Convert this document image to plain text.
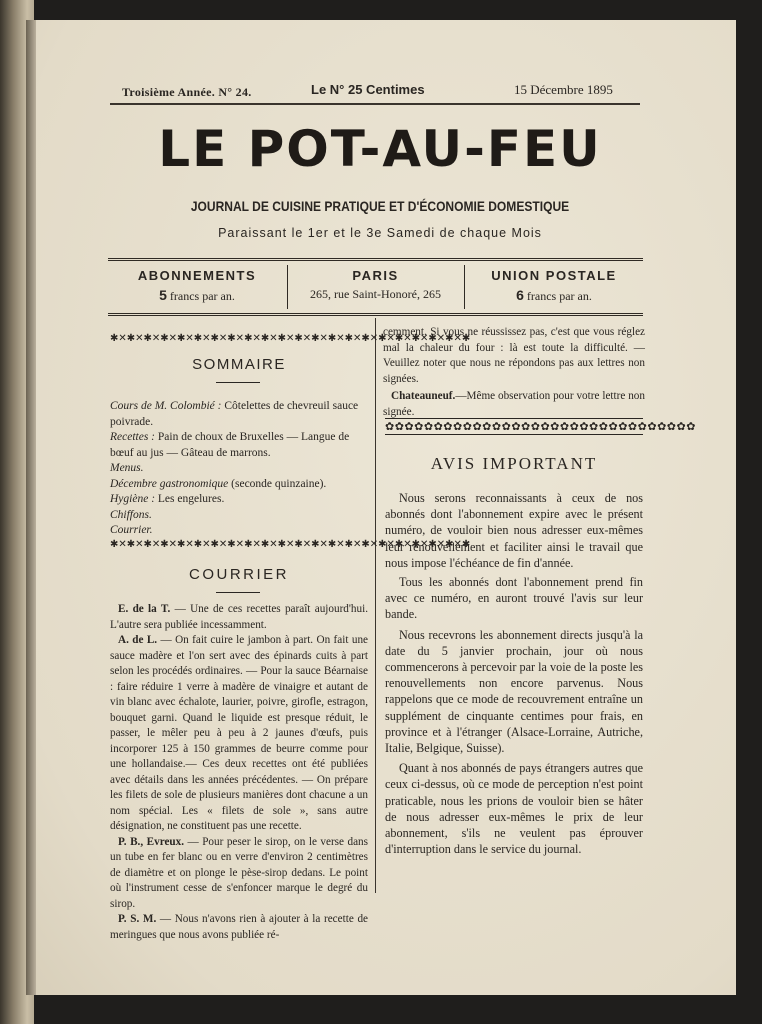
Troisième Année. N° 24.	Le N° 25 Centimes	15 Décembre 1895
LE POT-AU-FEU
JOURNAL DE CUISINE PRATIQUE ET D'ÉCONOMIE DOMESTIQUE
Paraissant le 1er et le 3e Samedi de chaque Mois
ABONNEMENTS
5 francs par an.
PARIS
265, rue Saint-Honoré, 265
UNION POSTALE
6 francs par an.
✱✕✱✕✱✕✱✕✱✕✱✕✱✕✱✕✱✕✱✕✱✕✱✕✱✕✱✕✱✕✱✕✱✕✱✕✱✕✱✕✱✕✱
SOMMAIRE

Cours de M. Colombié : Côtelettes de chevreuil sauce poivrade.

Recettes : Pain de choux de Bruxelles — Langue de bœuf au jus — Gâteau de marrons.

Menus.

Décembre gastronomique (seconde quinzaine).

Hygiène : Les engelures.

Chiffons.

Courrier.

✱✕✱✕✱✕✱✕✱✕✱✕✱✕✱✕✱✕✱✕✱✕✱✕✱✕✱✕✱✕✱✕✱✕✱✕✱✕✱✕✱✕✱
COURRIER

E. de la T. — Une de ces recettes paraît aujourd'hui. L'autre sera publiée incessamment.

A. de L. — On fait cuire le jambon à part. On fait une sauce madère et l'on sert avec des épinards cuits à part selon les procédés ordinaires. — Pour la sauce Béarnaise : faire réduire 1 verre à madère de vinaigre et autant de vin blanc avec échalote, laurier, poivre, girofle, estragon, bouquet garni. Quand le liquide est presque réduit, le passer, le mêler peu à peu à 2 jaunes d'œufs, puis incorporer 125 à 150 grammes de beurre comme pour une hollandaise.— Ces deux recettes ont été publiées avec détails dans les années précédentes. — On prépare les filets de sole de plusieurs manières dont chacune a un nom spécial. Les « filets de sole », sans autre désignation, ne constituent pas une recette.

P. B., Evreux. — Pour peser le sirop, on le verse dans un tube en fer blanc ou en verre d'environ 2 centimètres de diamètre et on plonge le pèse-sirop dedans. Le point où l'instrument cesse de s'enfoncer marque le degré du sirop.

P. S. M. — Nous n'avons rien à ajouter à la recette de meringues que nous avons publiée ré-

cemment. Si vous ne réussissez pas, c'est que vous réglez mal la chaleur du four : là est toute la difficulté. — Veuillez noter que nous ne répondons pas aux lettres non signées.

Chateauneuf.—Même observation pour votre lettre non signée.

✿✿✿✿✿✿✿✿✿✿✿✿✿✿✿✿✿✿✿✿✿✿✿✿✿✿✿✿✿✿✿✿
AVIS IMPORTANT

Nous serons reconnaissants à ceux de nos abonnés dont l'abonnement expire avec le présent numéro, de vouloir bien nous adresser eux-mêmes leur renouvellement et faciliter ainsi le travail que nous impose l'échéance de fin d'année.

Tous les abonnés dont l'abonnement prend fin avec ce numéro, en auront trouvé l'avis sur leur bande.

Nous recevrons les abonnement directs jusqu'à la date du 5 janvier prochain, jour où nous commencerons à percevoir par la voie de la poste les renouvellements non encore parvenus. Nous rappelons que ce mode de recouvrement entraîne un supplément de cinquante centimes pour frais, en province et à l'étranger (Alsace-Lorraine, Autriche, Italie, Belgique, Suisse).

Quant à nos abonnés de pays étrangers autres que ceux ci-dessus, où ce mode de perception n'est point praticable, nous les prions de vouloir bien se hâter de nous adresser eux-mêmes le prix de leur abonnement, s'ils ne veulent pas éprouver d'interruption dans le service du journal.
